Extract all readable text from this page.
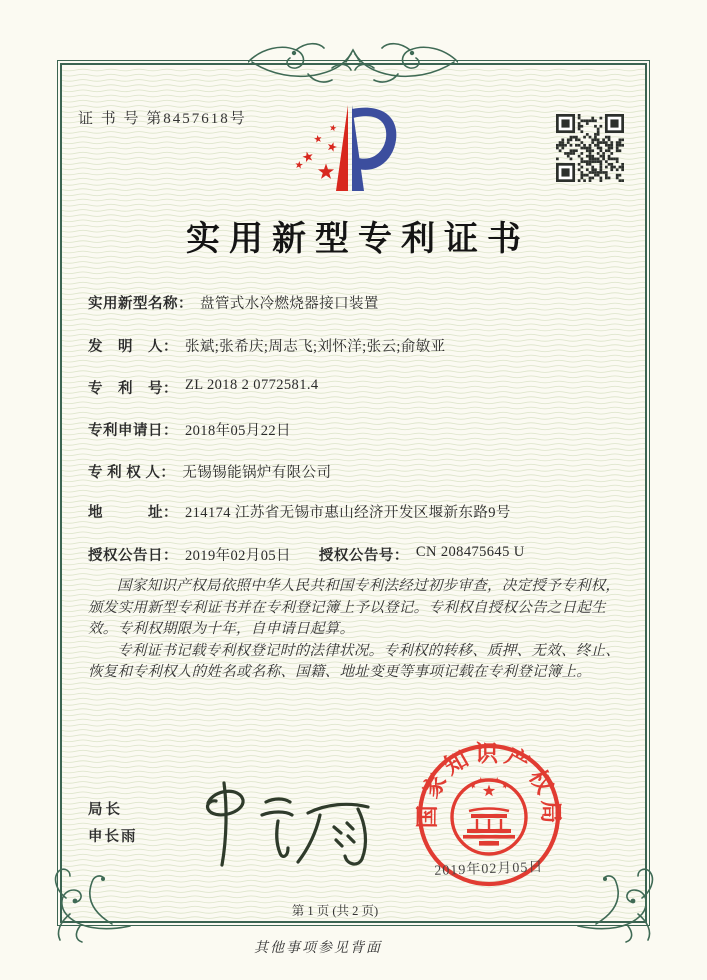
证 书 号 第8457618号
实用新型专利证书
实用新型名称： 盘管式水冷燃烧器接口装置
发　明　人： 张斌;张希庆;周志飞;刘怀洋;张云;俞敏亚
专　利　号： ZL 2018 2 0772581.4
专利申请日： 2018年05月22日
专 利 权 人： 无锡锡能锅炉有限公司
地　　　址： 214174 江苏省无锡市惠山经济开发区堰新东路9号
授权公告日： 2019年02月05日 授权公告号： CN 208475645 U

国家知识产权局依照中华人民共和国专利法经过初步审查，决定授予专利权，颁发实用新型专利证书并在专利登记簿上予以登记。专利权自授权公告之日起生效。专利权期限为十年，自申请日起算。

专利证书记载专利权登记时的法律状况。专利权的转移、质押、无效、终止、恢复和专利权人的姓名或名称、国籍、地址变更等事项记载在专利登记簿上。

局长
申长雨
国家知识产权局
2019年02月05日
第 1 页 (共 2 页)
其他事项参见背面
